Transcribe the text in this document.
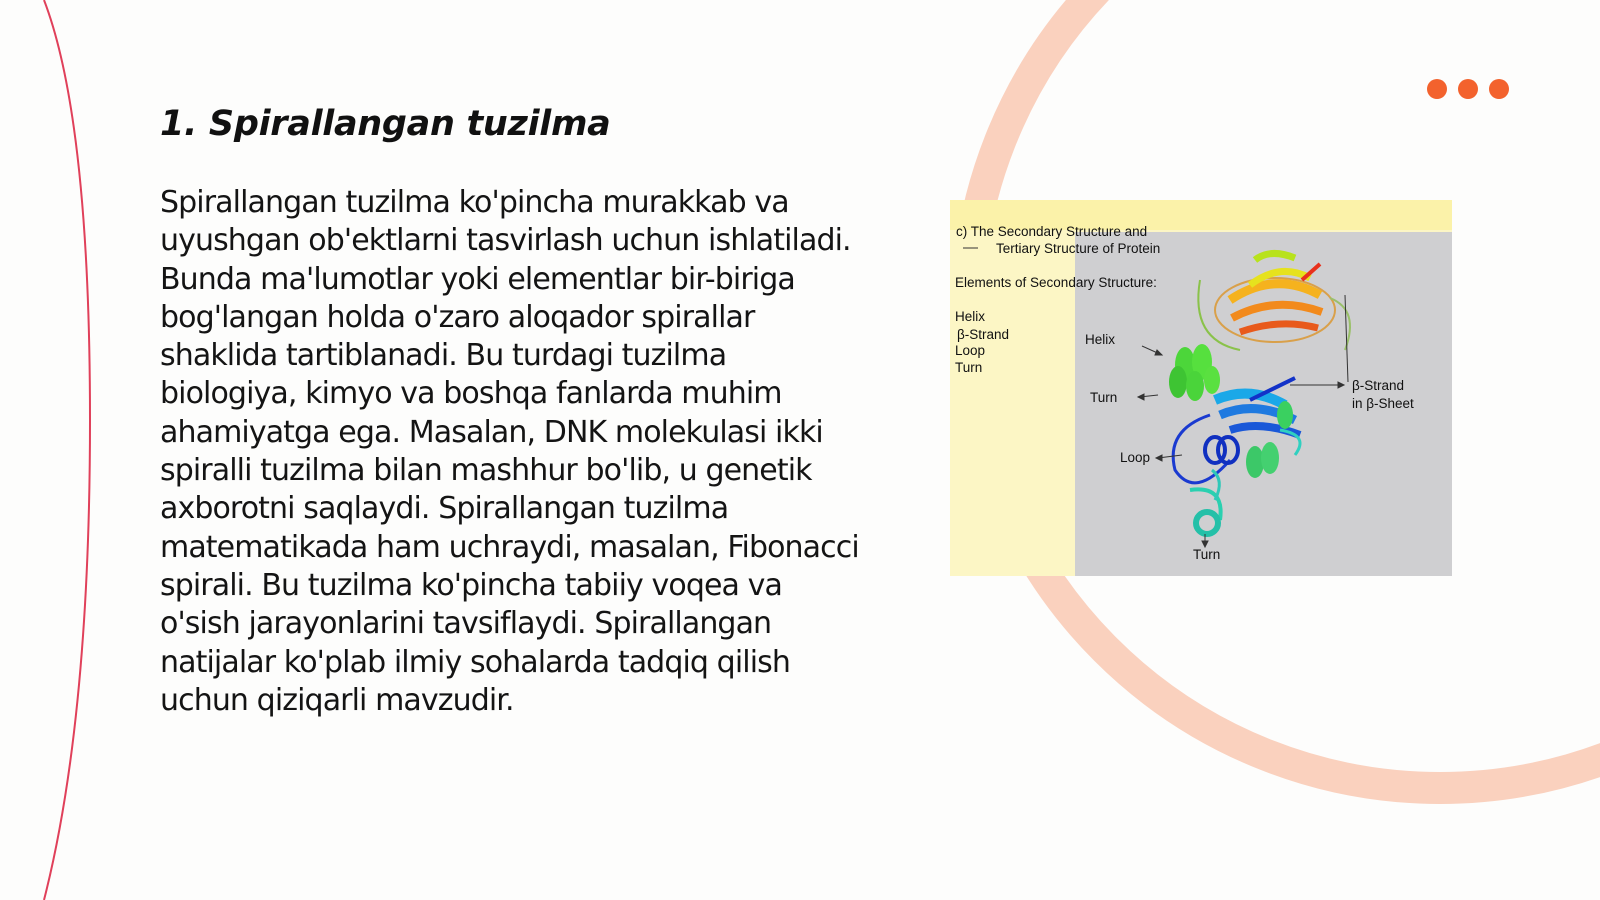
1. Spirallangan tuzilma

Spirallangan tuzilma ko'pincha murakkab va uyushgan ob'ektlarni tasvirlash uchun ishlatiladi. Bunda ma'lumotlar yoki elementlar bir-biriga bog'langan holda o'zaro aloqador spirallar shaklida tartiblanadi. Bu turdagi tuzilma biologiya, kimyo va boshqa fanlarda muhim ahamiyatga ega. Masalan, DNK molekulasi ikki spiralli tuzilma bilan mashhur bo'lib, u genetik axborotni saqlaydi. Spirallangan tuzilma matematikada ham uchraydi, masalan, Fibonacci spirali. Bu tuzilma ko'pincha tabiiy voqea va o'sish jarayonlarini tavsiflaydi. Spirallangan natijalar ko'plab ilmiy sohalarda tadqiq qilish uchun qiziqarli mavzudir.

c) The Secondary Structure and

Tertiary Structure of Protein

Elements of Secondary Structure:

Helix

β-Strand

Loop

Turn

Helix

Turn

Loop

Turn

β-Strand

in β-Sheet
